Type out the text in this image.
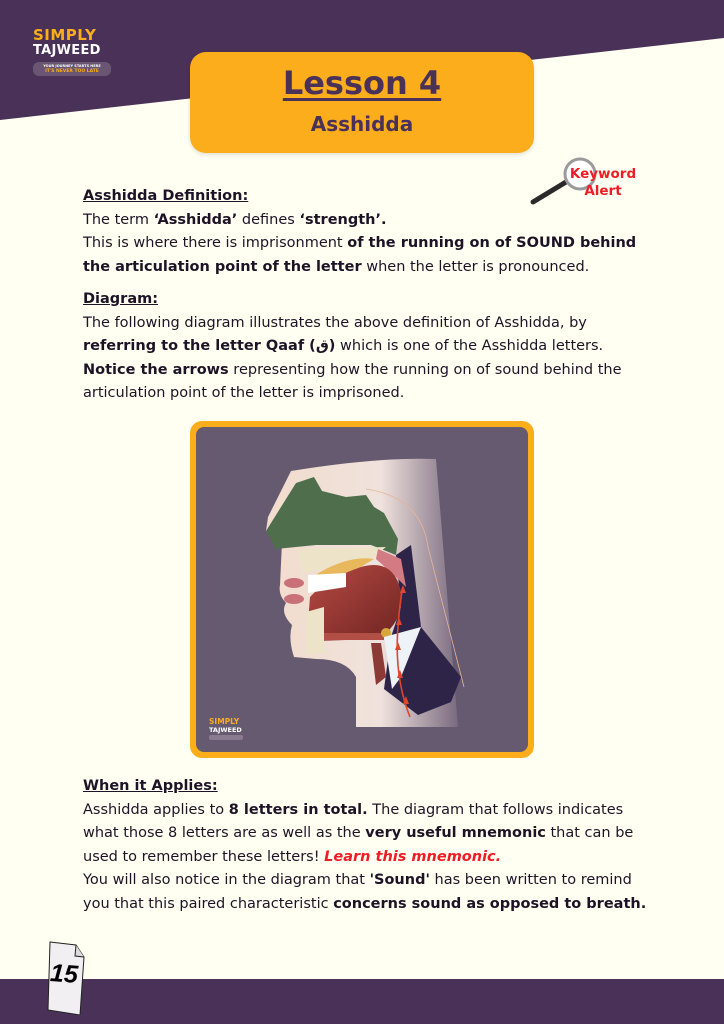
SIMPLY
TAJWEED
YOUR JOURNEY STARTS HERE
IT'S NEVER TOO LATE	Lesson 4
Asshidda
Keyword
Alert

Asshidda Definition:

The term ‘Asshidda’ defines ‘strength’.

This is where there is imprisonment of the running on of SOUND behind the articulation point of the letter when the letter is pronounced.

Diagram:

The following diagram illustrates the above definition of Asshidda, by referring to the letter Qaaf (ق) which is one of the Asshidda letters.
Notice the arrows representing how the running on of sound behind the articulation point of the letter is imprisoned.

SIMPLY
TAJWEED

When it Applies:

Asshidda applies to 8 letters in total. The diagram that follows indicates what those 8 letters are as well as the very useful mnemonic that can be used to remember these letters! Learn this mnemonic.

You will also notice in the diagram that 'Sound' has been written to remind you that this paired characteristic concerns sound as opposed to breath.

15
